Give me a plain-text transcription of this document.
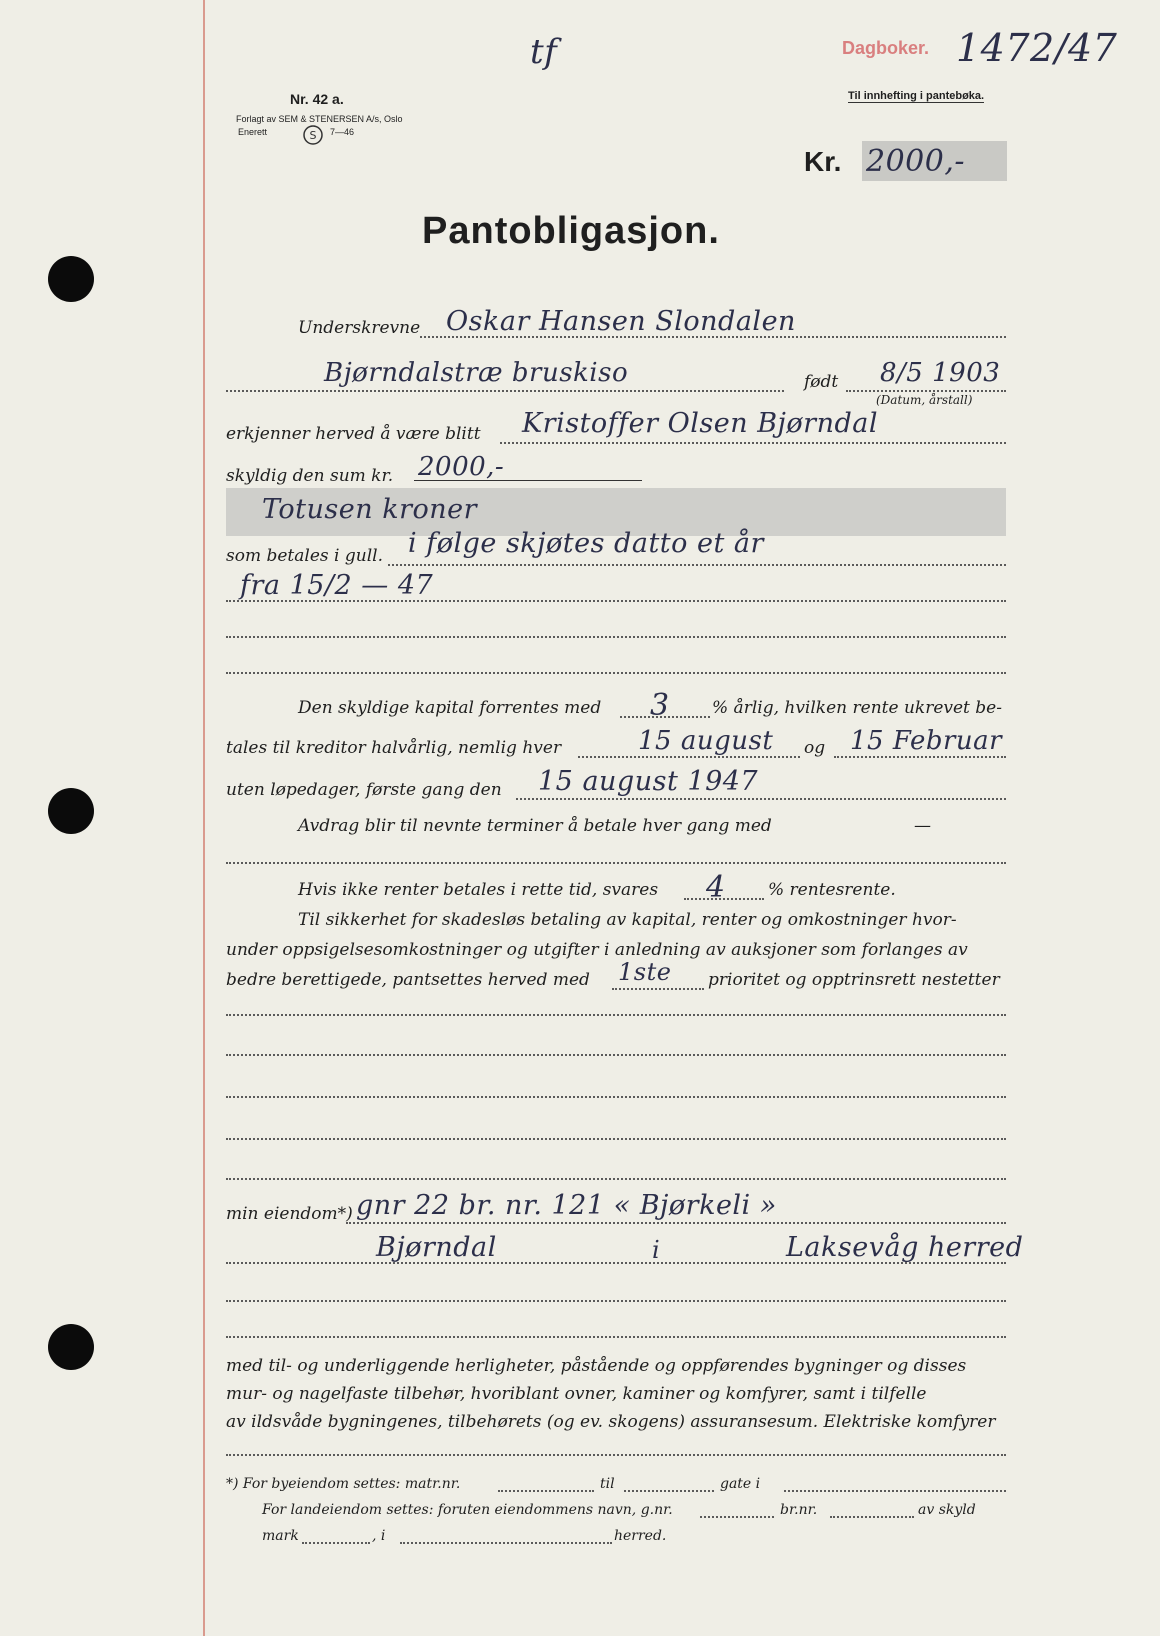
Dagboker. 1472/47
tf
Nr. 42 a.
Forlagt av SEM & STENERSEN A/s, Oslo
Enerett	S 7—46
Til innhefting i pantebøka.
Kr. 2000,-
Pantobligasjon.
Underskrevne Oskar Hansen Slondalen
Bjørndalstræ bruskiso	født 8/5 1903
(Datum, årstall)
erkjenner herved å være blitt Kristoffer Olsen Bjørndal
skyldig den sum kr. 2000,-
Totusen kroner
som betales i gull. i følge skjøtes datto et år
fra 15/2 — 47
Den skyldige kapital forrentes med 3 % årlig, hvilken rente ukrevet be-
tales til kreditor halvårlig, nemlig hver	15 august og 15 Februar
uten løpedager, første gang den 15 august 1947
Avdrag blir til nevnte terminer å betale hver gang med	—
Hvis ikke renter betales i rette tid, svares 4 % rentesrente.
Til sikkerhet for skadesløs betaling av kapital, renter og omkostninger hvor-
under oppsigelsesomkostninger og utgifter i anledning av auksjoner som forlanges av
bedre berettigede, pantsettes herved med 1ste prioritet og opptrinsrett nestetter
min eiendom*) gnr 22 br. nr. 121 « Bjørkeli »
Bjørndal	i	Laksevåg herred
med til- og underliggende herligheter, påstående og oppførendes bygninger og disses
mur- og nagelfaste tilbehør, hvoriblant ovner, kaminer og komfyrer, samt i tilfelle
av ildsvåde bygningenes, tilbehørets (og ev. skogens) assuransesum. Elektriske komfyrer
*) For byeiendom settes: matr.nr.	til	gate i
For landeiendom settes: foruten eiendommens navn, g.nr.	br.nr.	av skyld
mark	, i	herred.
